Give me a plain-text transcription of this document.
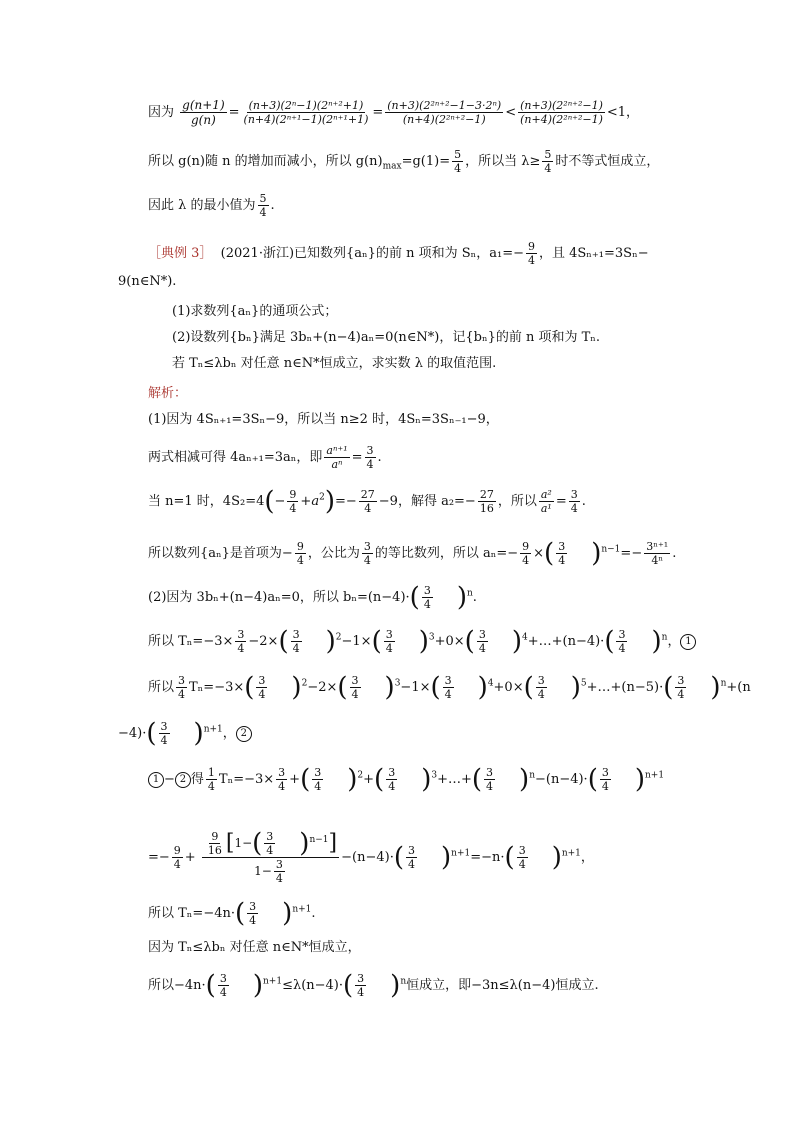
因为 $\frac{g(n+1)}{g(n)} = \frac{\text{(n+3)(2ⁿ−1)(2ⁿ⁺²+1)}}{\text{(n+4)(2ⁿ⁺¹−1)(2ⁿ⁺¹+1)}} = \frac{\text{(n+3)(2²ⁿ⁺²−1−3·2ⁿ)}}{\text{(n+4)(2²ⁿ⁺²−1)}} < \frac{\text{(n+3)(2²ⁿ⁺²−1)}}{\text{(n+4)(2²ⁿ⁺²−1)}} <1$，
所以 g(n)随 n 的增加而减小，所以 $g(n)_{max}=g(1)= \frac{5}{4}$ ，所以当 $\lambda\ge \frac{5}{4}$ 时不等式恒成立，
因此 λ 的最小值为 $\frac{5}{4}$ .
［典例 3］ (2021·浙江)已知数列{aₙ}的前 n 项和为 Sₙ，$a_1=- \frac{9}{4}$ ，且 4Sₙ₊₁=3Sₙ−
9(n∈N*).
(1)求数列{aₙ}的通项公式；
(2)设数列{bₙ}满足 3bₙ+(n−4)aₙ=0(n∈N*)，记{bₙ}的前 n 项和为 Tₙ.
若 Tₙ≤λbₙ 对任意 n∈N*恒成立，求实数 λ 的取值范围.
解析：
(1)因为 4Sₙ₊₁=3Sₙ−9，所以当 n≥2 时，4Sₙ=3Sₙ₋₁−9，
两式相减可得 4aₙ₊₁=3aₙ，即 $\frac{\text{aⁿ⁺¹}}{\text{aⁿ}} = \frac{3}{4}$ .
当 n=1 时，$4S_2=4(- \frac{9}{4} +a^2)=- \frac{27}{4} -9$，解得 $a_2=- \frac{27}{16}$ ，所以 $\frac{\text{a²}}{\text{a¹}} = \frac{3}{4}$ .
所以数列{aₙ}是首项为− $\frac{9}{4}$ ，公比为 $\frac{3}{4}$ 的等比数列，所以 $a_n=- \frac{9}{4}$ ×( $\frac{3}{4} )^{n-1}=- \frac{\text{3ⁿ⁺¹}}{\text{4ⁿ}}$ .
(2)因为 3bₙ+(n−4)aₙ=0，所以 $b_n=(n-4)\cdot( \frac{3}{4} )^n$.
所以 $T_n=-3\times \frac{3}{4} -2\times( \frac{3}{4} )^2-1\times( \frac{3}{4} )^3+0\times( \frac{3}{4}$ )$^4+\dots+(n-4)\cdot( \frac{3}{4} )^n$， 1
所以 $\frac{3}{4} T_n=-3\times( \frac{3}{4} )^2-2\times( \frac{3}{4} )^3-1\times( \frac{3}{4} )^4+0\times( \frac{3}{4}$ )$^5+\dots+(n-5)\cdot( \frac{3}{4} )^n+(n$
$-4)\cdot( \frac{3}{4} )^{n+1}$， 2
1 − 2 得 $\frac{1}{4} T_n=-3\times \frac{3}{4}$ +( $\frac{3}{4} )^2+( \frac{3}{4}$ )$^3+\dots+( \frac{3}{4} )^n-(n-4)\cdot( \frac{3}{4} )^{n+1}$
=− $\frac{9}{4} + \frac{\frac{9}{16} [1-( \frac{3}{4} )^{n-1}]}{1- \frac{3}{4}} -(n-4)\cdot( \frac{3}{4} )^{n+1}=-n\cdot( \frac{3}{4} )^{n+1}$，
所以 $T_n=-4n\cdot( \frac{3}{4} )^{n+1}$.
因为 Tₙ≤λbₙ 对任意 n∈N*恒成立，
所以$-4n\cdot( \frac{3}{4} )^{n+1}\le\lambda(n-4)\cdot( \frac{3}{4} )^n$恒成立，即−3n≤λ(n−4)恒成立.
